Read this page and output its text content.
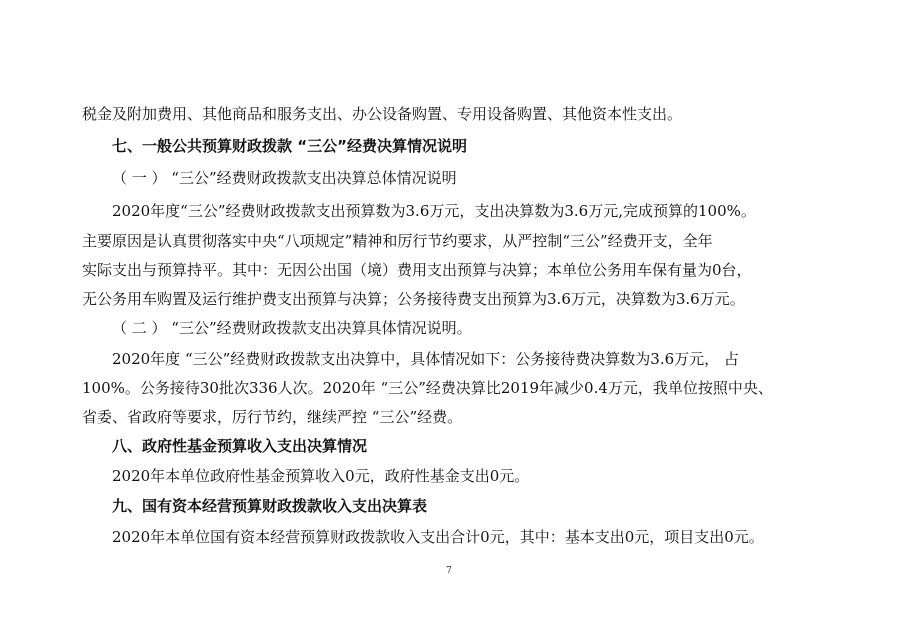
税金及附加费用、其他商品和服务支出、办公设备购置、专用设备购置、其他资本性支出。
七、一般公共预算财政拨款 “三公”经费决算情况说明
（ 一 ） “三公”经费财政拨款支出决算总体情况说明
2020年度“三公”经费财政拨款支出预算数为3.6万元，支出决算数为3.6万元,完成预算的100%。
主要原因是认真贯彻落实中央“八项规定”精神和厉行节约要求，从严控制“三公”经费开支，全年
实际支出与预算持平。其中：无因公出国（境）费用支出预算与决算；本单位公务用车保有量为0台，
无公务用车购置及运行维护费支出预算与决算；公务接待费支出预算为3.6万元，决算数为3.6万元。
（ 二 ） “三公”经费财政拨款支出决算具体情况说明。
2020年度 “三公”经费财政拨款支出决算中，具体情况如下：公务接待费决算数为3.6万元， 占
100%。公务接待30批次336人次。2020年 “三公”经费决算比2019年减少0.4万元，我单位按照中央、
省委、省政府等要求，厉行节约，继续严控 “三公”经费。
八、政府性基金预算收入支出决算情况
2020年本单位政府性基金预算收入0元，政府性基金支出0元。
九、国有资本经营预算财政拨款收入支出决算表
2020年本单位国有资本经营预算财政拨款收入支出合计0元，其中：基本支出0元，项目支出0元。
7
